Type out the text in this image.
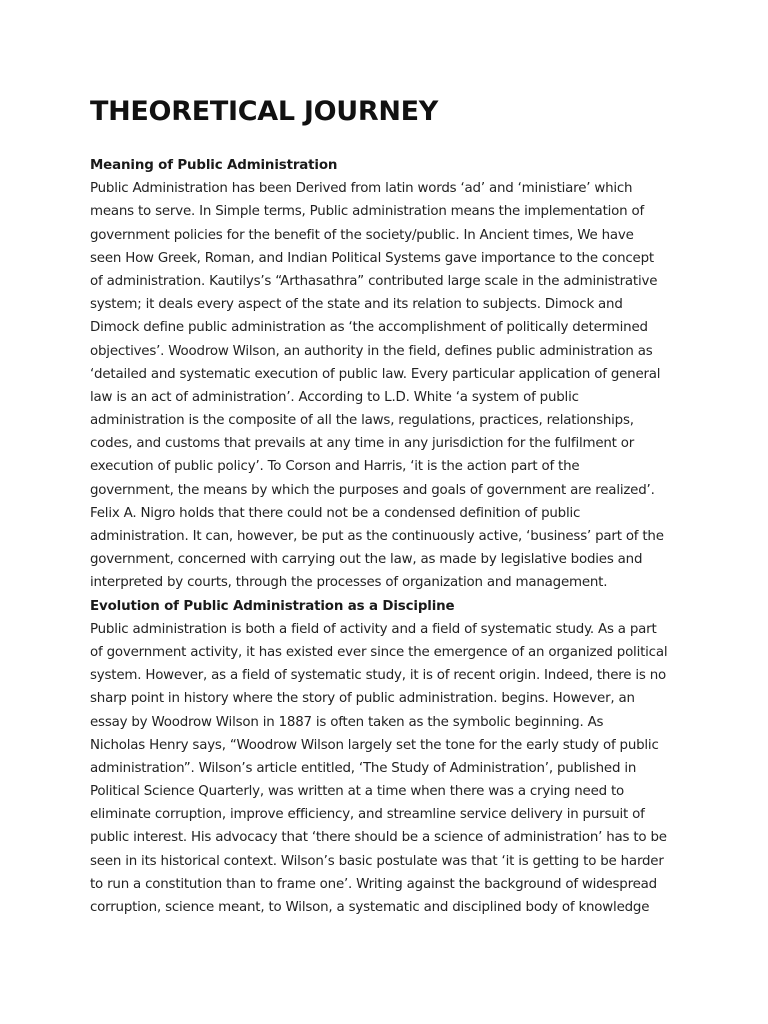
THEORETICAL JOURNEY
Meaning of Public Administration
Public Administration has been Derived from latin words ‘ad’ and ‘ministiare’ which
means to serve. In Simple terms, Public administration means the implementation of
government policies for the benefit of the society/public. In Ancient times, We have
seen How Greek, Roman, and Indian Political Systems gave importance to the concept
of administration. Kautilys’s “Arthasathra” contributed large scale in the administrative
system; it deals every aspect of the state and its relation to subjects. Dimock and
Dimock define public administration as ‘the accomplishment of politically determined
objectives’. Woodrow Wilson, an authority in the field, defines public administration as
‘detailed and systematic execution of public law. Every particular application of general
law is an act of administration’. According to L.D. White ‘a system of public
administration is the composite of all the laws, regulations, practices, relationships,
codes, and customs that prevails at any time in any jurisdiction for the fulfilment or
execution of public policy’. To Corson and Harris, ‘it is the action part of the
government, the means by which the purposes and goals of government are realized’.
Felix A. Nigro holds that there could not be a condensed definition of public
administration. It can, however, be put as the continuously active, ‘business’ part of the
government, concerned with carrying out the law, as made by legislative bodies and
interpreted by courts, through the processes of organization and management.
Evolution of Public Administration as a Discipline
Public administration is both a field of activity and a field of systematic study. As a part
of government activity, it has existed ever since the emergence of an organized political
system. However, as a field of systematic study, it is of recent origin. Indeed, there is no
sharp point in history where the story of public administration. begins. However, an
essay by Woodrow Wilson in 1887 is often taken as the symbolic beginning. As
Nicholas Henry says, “Woodrow Wilson largely set the tone for the early study of public
administration”. Wilson’s article entitled, ‘The Study of Administration’, published in
Political Science Quarterly, was written at a time when there was a crying need to
eliminate corruption, improve efficiency, and streamline service delivery in pursuit of
public interest. His advocacy that ‘there should be a science of administration’ has to be
seen in its historical context. Wilson’s basic postulate was that ‘it is getting to be harder
to run a constitution than to frame one’. Writing against the background of widespread
corruption, science meant, to Wilson, a systematic and disciplined body of knowledge
